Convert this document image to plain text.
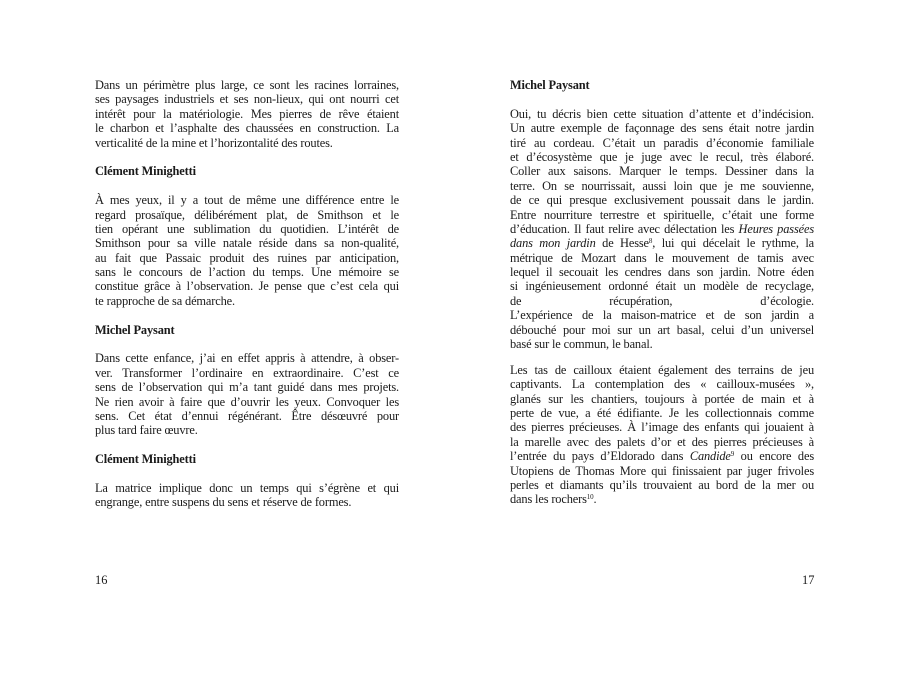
Dans un périmètre plus large, ce sont les racines lorraines,
ses paysages industriels et ses non-lieux, qui ont nourri cet
intérêt pour la matériologie. Mes pierres de rêve étaient
le charbon et l’asphalte des chaussées en construction. La
verticalité de la mine et l’horizontalité des routes.
Clément Minighetti
À mes yeux, il y a tout de même une différence entre le
regard prosaïque, délibérément plat, de Smithson et le
tien opérant une sublimation du quotidien. L’intérêt de
Smithson pour sa ville natale réside dans sa non-qualité,
au fait que Passaic produit des ruines par anticipation,
sans le concours de l’action du temps. Une mémoire se
constitue grâce à l’observation. Je pense que c’est cela qui
te rapproche de sa démarche.
Michel Paysant
Dans cette enfance, j’ai en effet appris à attendre, à obser-
ver. Transformer l’ordinaire en extraordinaire. C’est ce
sens de l’observation qui m’a tant guidé dans mes projets.
Ne rien avoir à faire que d’ouvrir les yeux. Convoquer les
sens. Cet état d’ennui régénérant. Être désœuvré pour
plus tard faire œuvre.
Clément Minighetti
La matrice implique donc un temps qui s’égrène et qui
engrange, entre suspens du sens et réserve de formes.
Michel Paysant
Oui, tu décris bien cette situation d’attente et d’indécision.
Un autre exemple de façonnage des sens était notre jardin
tiré au cordeau. C’était un paradis d’économie familiale
et d’écosystème que je juge avec le recul, très élaboré.
Coller aux saisons. Marquer le temps. Dessiner dans la
terre. On se nourrissait, aussi loin que je me souvienne,
de ce qui presque exclusivement poussait dans le jardin.
Entre nourriture terrestre et spirituelle, c’était une forme
d’éducation. Il faut relire avec délectation les Heures passées
dans mon jardin de Hesse$^8$, lui qui décelait le rythme, la
métrique de Mozart dans le mouvement de tamis avec
lequel il secouait les cendres dans son jardin. Notre éden
si ingénieusement ordonné était un modèle de recyclage,
de récupération, d’écologie.
L’expérience de la maison-matrice et de son jardin a
débouché pour moi sur un art basal, celui d’un universel
basé sur le commun, le banal.
Les tas de cailloux étaient également des terrains de jeu
captivants. La contemplation des « cailloux-musées »,
glanés sur les chantiers, toujours à portée de main et à
perte de vue, a été édifiante. Je les collectionnais comme
des pierres précieuses. À l’image des enfants qui jouaient à
la marelle avec des palets d’or et des pierres précieuses à
l’entrée du pays d’Eldorado dans Candide$^9$ ou encore des
Utopiens de Thomas More qui finissaient par juger frivoles
perles et diamants qu’ils trouvaient au bord de la mer ou
dans les rochers$^{10}$.
16	17
